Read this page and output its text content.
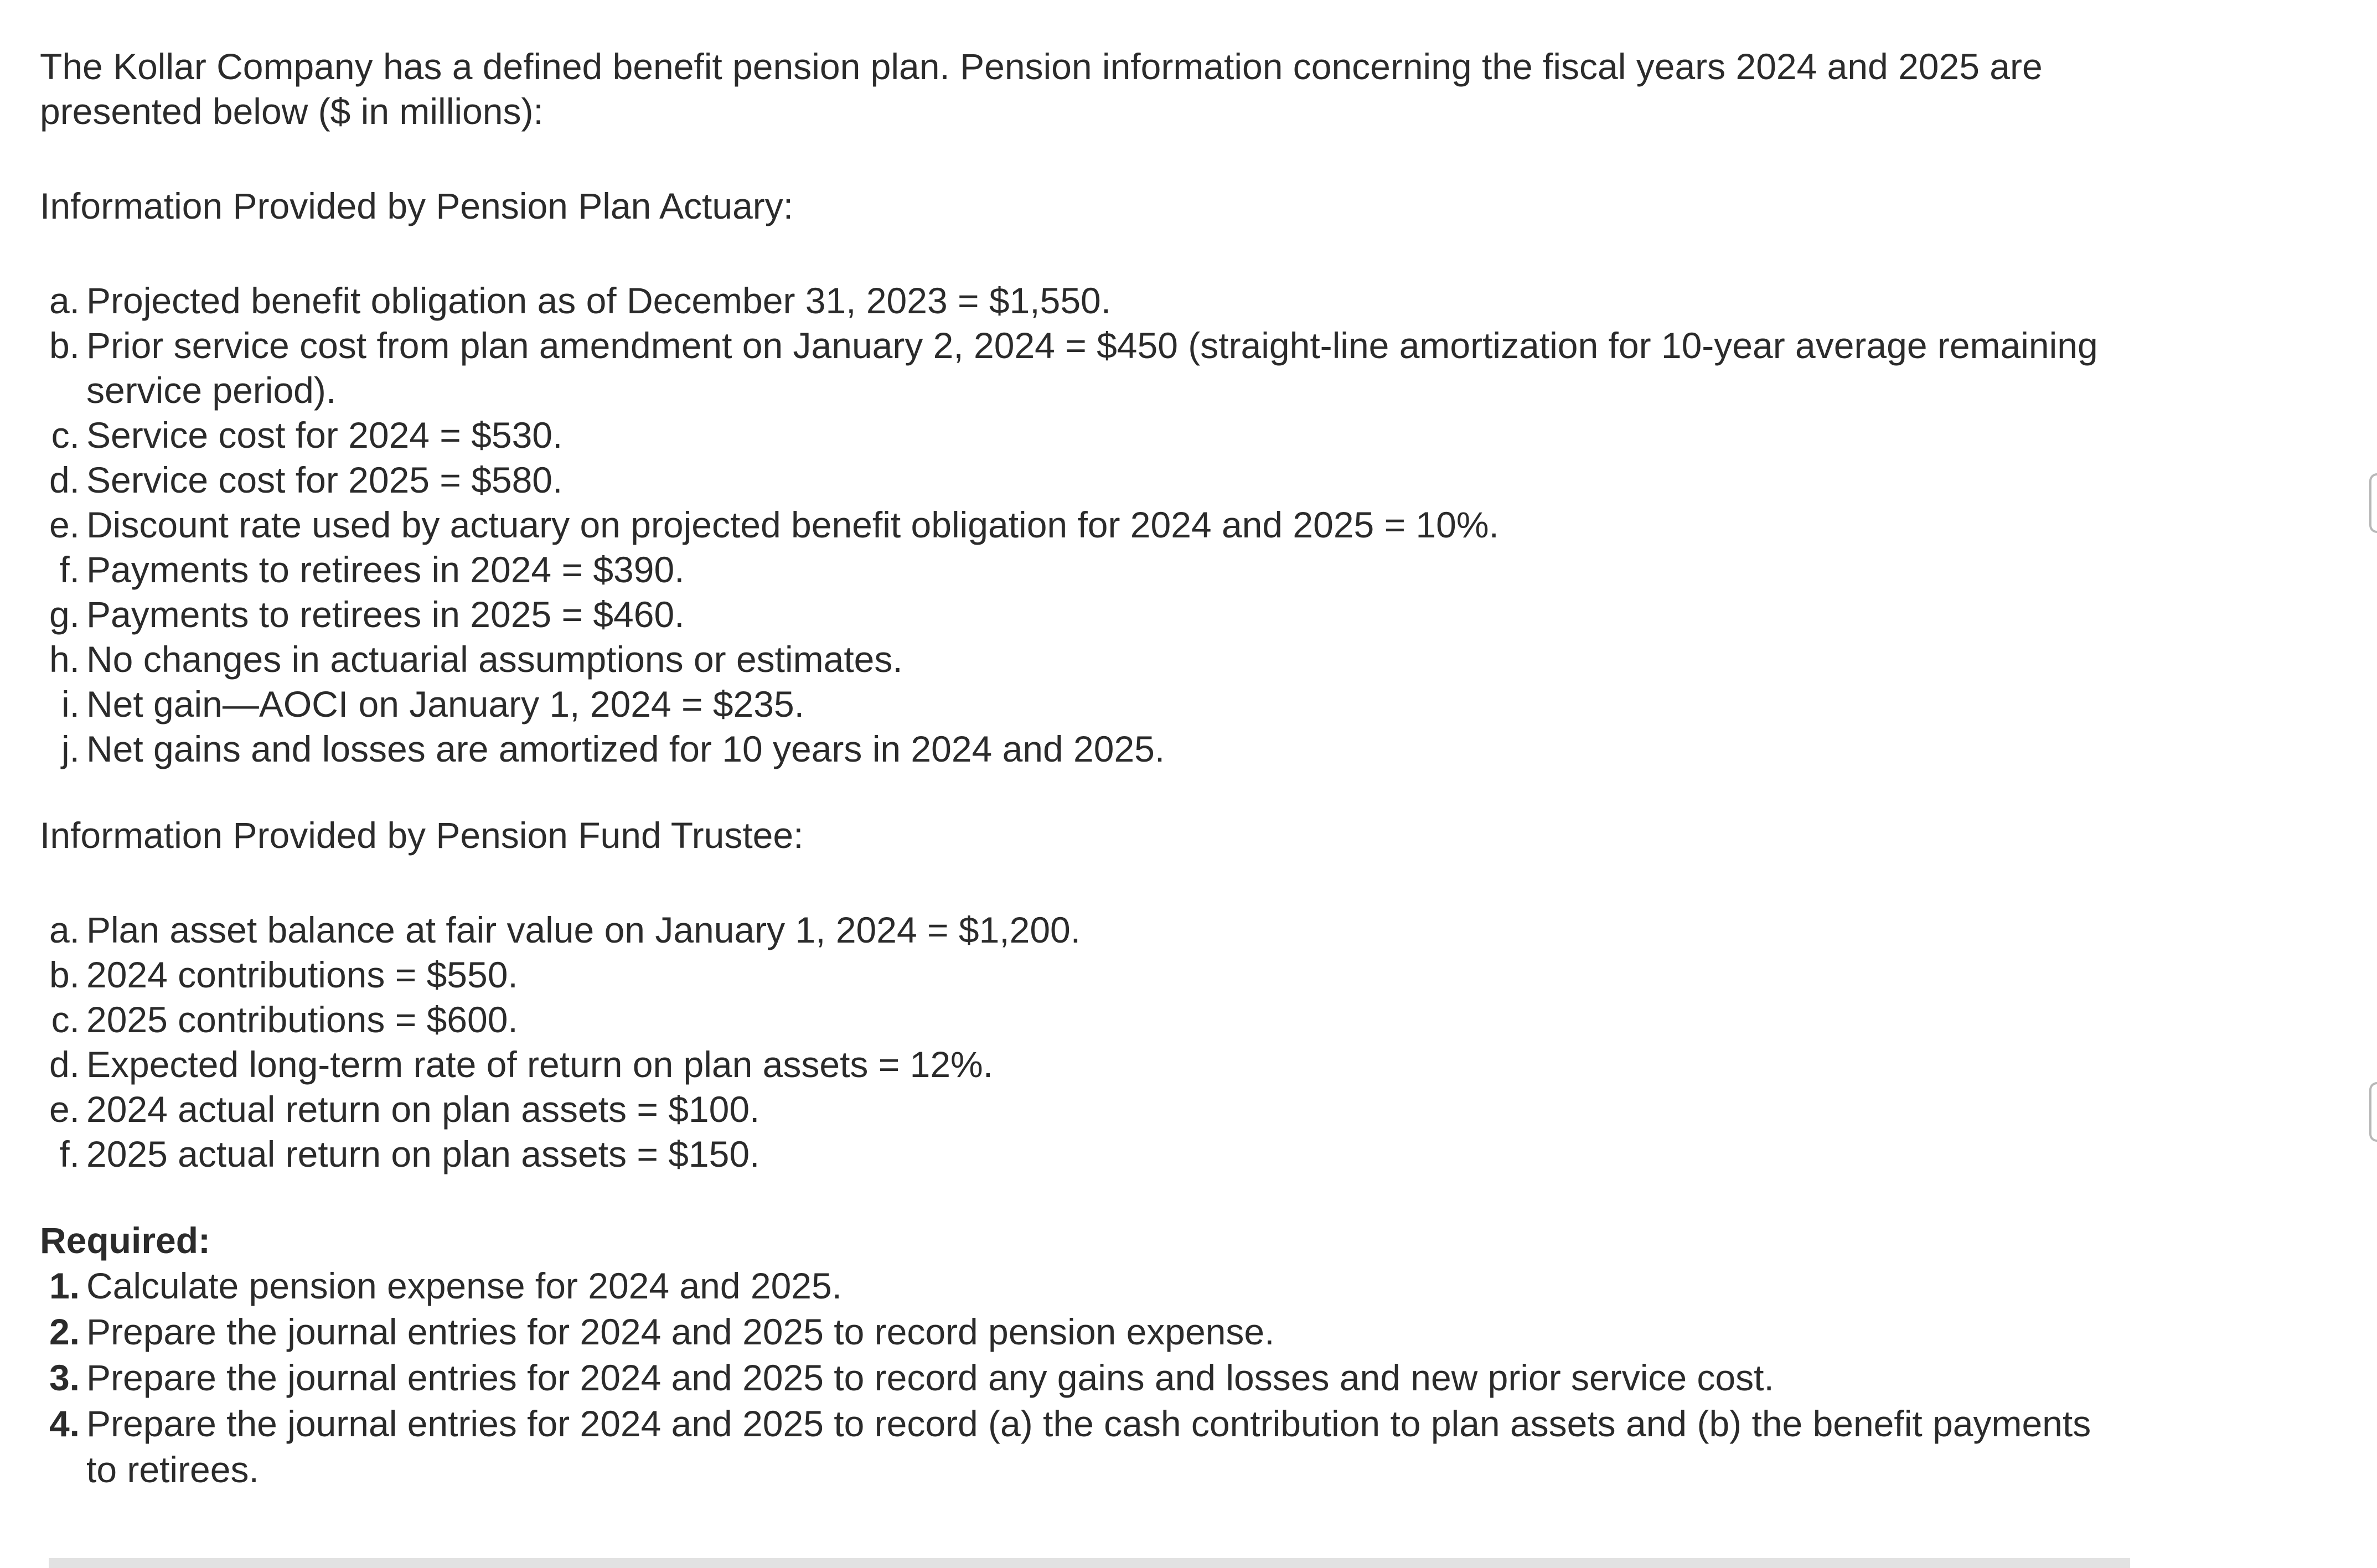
The Kollar Company has a defined benefit pension plan. Pension information concerning the fiscal years 2024 and 2025 are presented below ($ in millions):

Information Provided by Pension Plan Actuary:

a. Projected benefit obligation as of December 31, 2023 = $1,550.
b. Prior service cost from plan amendment on January 2, 2024 = $450 (straight-line amortization for 10-year average remaining service period).
c. Service cost for 2024 = $530.
d. Service cost for 2025 = $580.
e. Discount rate used by actuary on projected benefit obligation for 2024 and 2025 = 10%.
f. Payments to retirees in 2024 = $390.
g. Payments to retirees in 2025 = $460.
h. No changes in actuarial assumptions or estimates.
i. Net gain—AOCI on January 1, 2024 = $235.
j. Net gains and losses are amortized for 10 years in 2024 and 2025.

Information Provided by Pension Fund Trustee:

a. Plan asset balance at fair value on January 1, 2024 = $1,200.
b. 2024 contributions = $550.
c. 2025 contributions = $600.
d. Expected long-term rate of return on plan assets = 12%.
e. 2024 actual return on plan assets = $100.
f. 2025 actual return on plan assets = $150.

Required:

1. Calculate pension expense for 2024 and 2025.
2. Prepare the journal entries for 2024 and 2025 to record pension expense.
3. Prepare the journal entries for 2024 and 2025 to record any gains and losses and new prior service cost.
4. Prepare the journal entries for 2024 and 2025 to record (a) the cash contribution to plan assets and (b) the benefit payments to retirees.
